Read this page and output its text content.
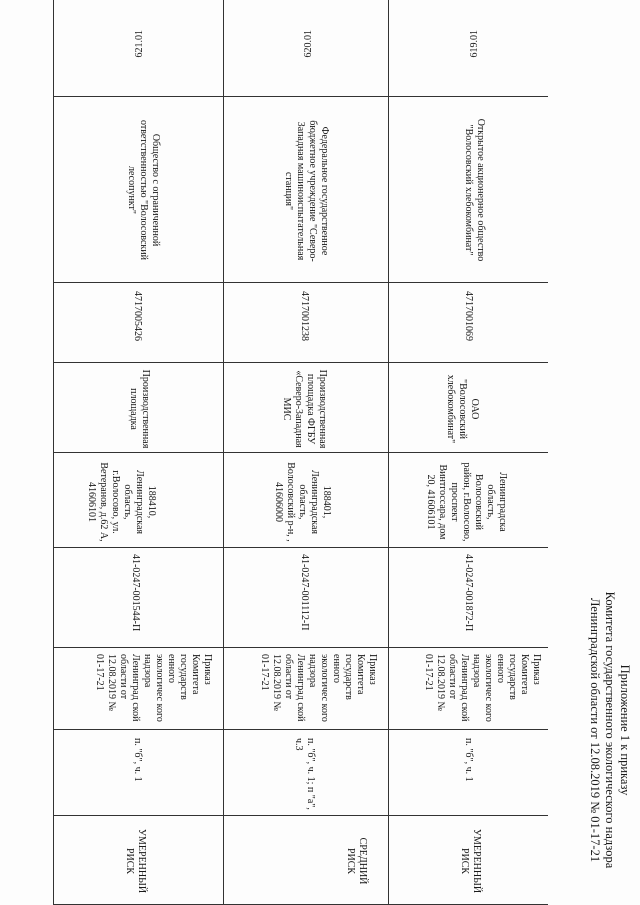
Приложение 1 к приказу
Комитета государственного экологического надзора
Ленинградской области от 12.08.2019 № 01-17-21
619.01
Открытое акционерное общество "Волосовский хлебокомбинат"
4717001069
ОАО "Волосовский хлебокомбинат"
Ленинградска область, Волосовский район, г.Волосово, проспект Винтгоссара, дом 20, 41606101
41-0247-001872-П
Приказ Комитета государств енного экологичес кого надзора Ленинград ской области от 12.08.2019 № 01-17-21
п. "б", ч. 1
УМЕРЕННЫЙ РИСК
620.01
Федеральное государственное бюджетное учреждение "Северо-Западная машиноиспытательная станция"
4717001238
Производственная площадка ФГБУ «Северо-Западная МИС
188401, Ленинградская область, Волосовский р-н, , 41606000
41-0247-001112-П
Приказ Комитета государств енного экологичес кого надзора Ленинград ской области от 12.08.2019 № 01-17-21
п. "б", ч. 1; п "а", ч.3
СРЕДНИЙ РИСК
621.01
Общество с ограниченной ответственностью "Волосовский лесопункт"
4717005426
Производственная площадка
188410, Ленинградская область, г.Волосово, ул. Ветеранов, д.62 А, 41606101
41-0247-001544-П
Приказ Комитета государств енного экологичес кого надзора Ленинград ской области от 12.08.2019 № 01-17-21
п. "б", ч. 1
УМЕРЕННЫЙ РИСК
